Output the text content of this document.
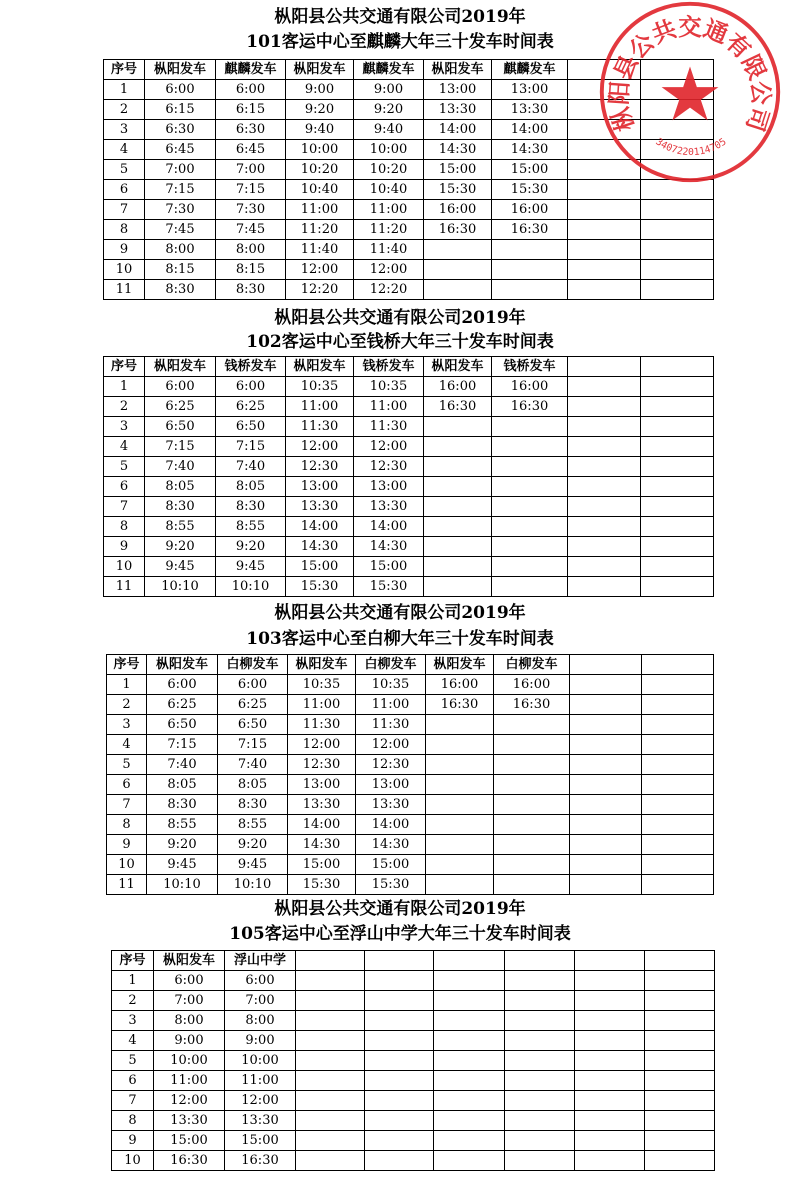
枞阳县公共交通有限公司2019年
101客运中心至麒麟大年三十发车时间表
序号	枞阳发车	麒麟发车	枞阳发车	麒麟发车	枞阳发车	麒麟发车		
1	6:00	6:00	9:00	9:00	13:00	13:00		
2	6:15	6:15	9:20	9:20	13:30	13:30		
3	6:30	6:30	9:40	9:40	14:00	14:00		
4	6:45	6:45	10:00	10:00	14:30	14:30		
5	7:00	7:00	10:20	10:20	15:00	15:00		
6	7:15	7:15	10:40	10:40	15:30	15:30		
7	7:30	7:30	11:00	11:00	16:00	16:00		
8	7:45	7:45	11:20	11:20	16:30	16:30		
9	8:00	8:00	11:40	11:40				
10	8:15	8:15	12:00	12:00				
11	8:30	8:30	12:20	12:20				
枞阳县公共交通有限公司2019年
102客运中心至钱桥大年三十发车时间表
序号	枞阳发车	钱桥发车	枞阳发车	钱桥发车	枞阳发车	钱桥发车		
1	6:00	6:00	10:35	10:35	16:00	16:00		
2	6:25	6:25	11:00	11:00	16:30	16:30		
3	6:50	6:50	11:30	11:30				
4	7:15	7:15	12:00	12:00				
5	7:40	7:40	12:30	12:30				
6	8:05	8:05	13:00	13:00				
7	8:30	8:30	13:30	13:30				
8	8:55	8:55	14:00	14:00				
9	9:20	9:20	14:30	14:30				
10	9:45	9:45	15:00	15:00				
11	10:10	10:10	15:30	15:30				
枞阳县公共交通有限公司2019年
103客运中心至白柳大年三十发车时间表
序号	枞阳发车	白柳发车	枞阳发车	白柳发车	枞阳发车	白柳发车		
1	6:00	6:00	10:35	10:35	16:00	16:00		
2	6:25	6:25	11:00	11:00	16:30	16:30		
3	6:50	6:50	11:30	11:30				
4	7:15	7:15	12:00	12:00				
5	7:40	7:40	12:30	12:30				
6	8:05	8:05	13:00	13:00				
7	8:30	8:30	13:30	13:30				
8	8:55	8:55	14:00	14:00				
9	9:20	9:20	14:30	14:30				
10	9:45	9:45	15:00	15:00				
11	10:10	10:10	15:30	15:30				
枞阳县公共交通有限公司2019年
105客运中心至浮山中学大年三十发车时间表
序号	枞阳发车	浮山中学						
1	6:00	6:00						
2	7:00	7:00						
3	8:00	8:00						
4	9:00	9:00						
5	10:00	10:00						
6	11:00	11:00						
7	12:00	12:00						
8	13:30	13:30						
9	15:00	15:00						
10	16:30	16:30						
枞阳县公共交通有限公司
3407220114705
